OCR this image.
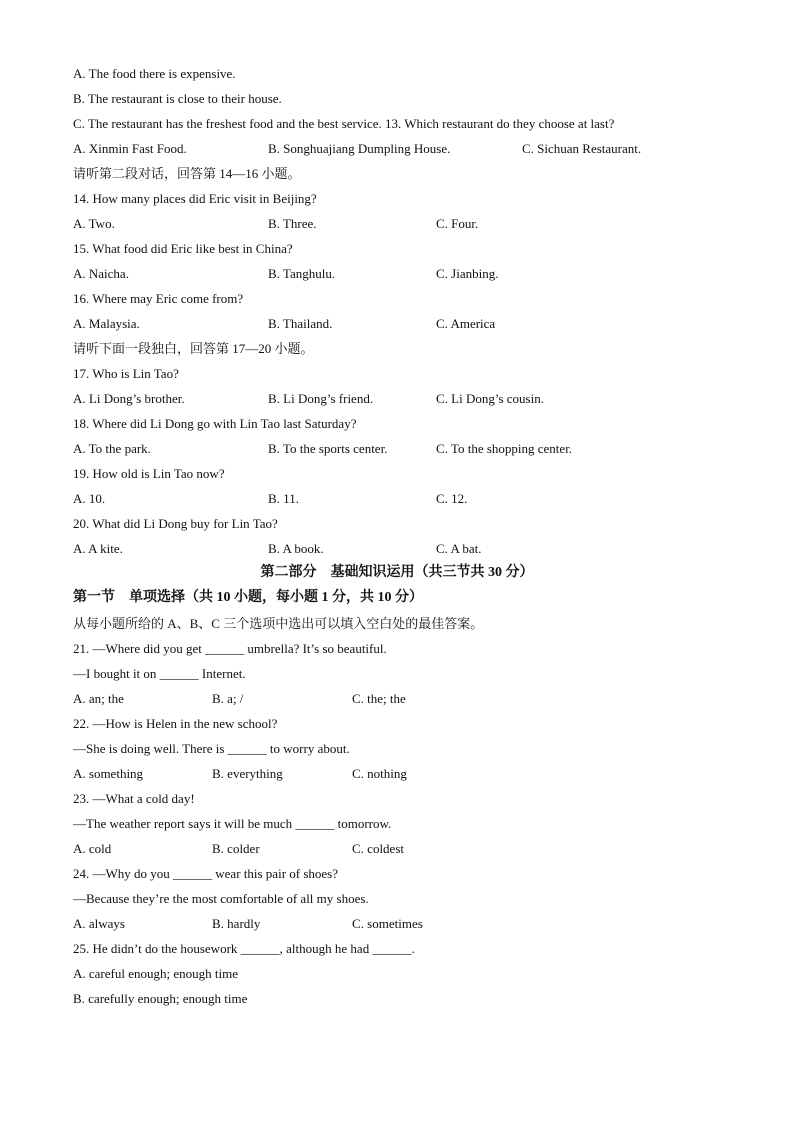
A. The food there is expensive.
B. The restaurant is close to their house.
C. The restaurant has the freshest food and the best service. 13. Which restaurant do they choose at last?
A. Xinmin Fast Food.	B. Songhuajiang Dumpling House.	C. Sichuan Restaurant.
请听第二段对话，回答第 14—16 小题。
14. How many places did Eric visit in Beijing?
A. Two.	B. Three.	C. Four.
15. What food did Eric like best in China?
A. Naicha.	B. Tanghulu.	C. Jianbing.
16. Where may Eric come from?
A. Malaysia.	B. Thailand.	C. America
请听下面一段独白，回答第 17—20 小题。
17. Who is Lin Tao?
A. Li Dong’s brother.	B. Li Dong’s friend.	C. Li Dong’s cousin.
18. Where did Li Dong go with Lin Tao last Saturday?
A. To the park.	B. To the sports center.	C. To the shopping center.
19. How old is Lin Tao now?
A. 10.	B. 11.	C. 12.
20. What did Li Dong buy for Lin Tao?
A. A kite.	B. A book.	C. A bat.
第二部分　基础知识运用（共三节共 30 分）
第一节　单项选择（共 10 小题，每小题 1 分，共 10 分）
从每小题所给的 A、B、C 三个选项中选出可以填入空白处的最佳答案。
21. —Where did you get ______ umbrella? It’s so beautiful.
—I bought it on ______ Internet.
A. an; the	B. a; /	C. the; the
22. —How is Helen in the new school?
—She is doing well. There is ______ to worry about.
A. something	B. everything	C. nothing
23. —What a cold day!
—The weather report says it will be much ______ tomorrow.
A. cold	B. colder	C. coldest
24. —Why do you ______ wear this pair of shoes?
—Because they’re the most comfortable of all my shoes.
A. always	B. hardly	C. sometimes
25. He didn’t do the housework ______, although he had ______.
A. careful enough; enough time
B. carefully enough; enough time
